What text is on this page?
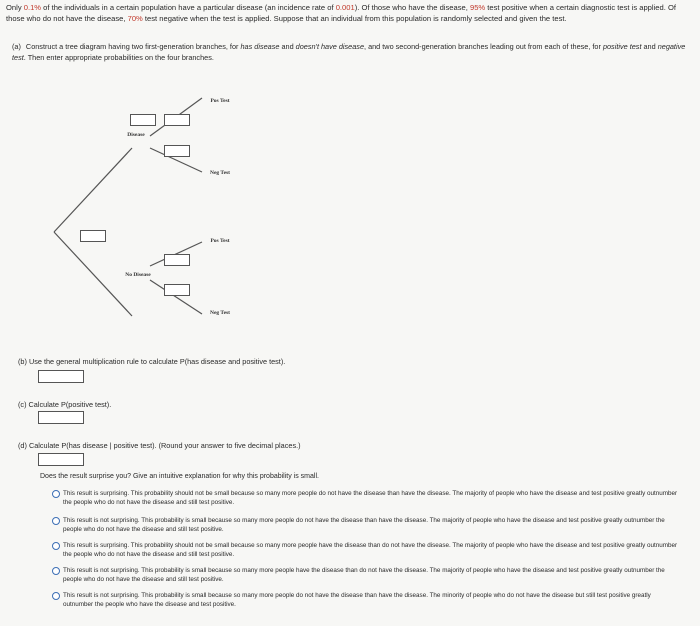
Only 0.1% of the individuals in a certain population have a particular disease (an incidence rate of 0.001). Of those who have the disease, 95% test positive when a certain diagnostic test is applied. Of those who do not have the disease, 70% test negative when the test is applied. Suppose that an individual from this population is randomly selected and given the test.
(a) Construct a tree diagram having two first-generation branches, for has disease and doesn't have disease, and two second-generation branches leading out from each of these, for positive test and negative test. Then enter appropriate probabilities on the four branches.
Disease
No Disease
Pos Test
Neg Test
Pos Test
Neg Test
(b) Use the general multiplication rule to calculate P(has disease and positive test).
(c) Calculate P(positive test).
(d) Calculate P(has disease | positive test). (Round your answer to five decimal places.)
Does the result surprise you? Give an intuitive explanation for why this probability is small.
This result is surprising. This probability should not be small because so many more people do not have the disease than have the disease. The majority of people who have the disease and test positive greatly outnumber the people who do not have the disease and still test positive.
This result is not surprising. This probability is small because so many more people do not have the disease than have the disease. The majority of people who have the disease and test positive greatly outnumber the people who do not have the disease and still test positive.
This result is surprising. This probability should not be small because so many more people have the disease than do not have the disease. The majority of people who have the disease and test positive greatly outnumber the people who do not have the disease and still test positive.
This result is not surprising. This probability is small because so many more people have the disease than do not have the disease. The majority of people who have the disease and test positive greatly outnumber the people who do not have the disease and still test positive.
This result is not surprising. This probability is small because so many more people do not have the disease than have the disease. The minority of people who do not have the disease but still test positive greatly outnumber the people who have the disease and test positive.
